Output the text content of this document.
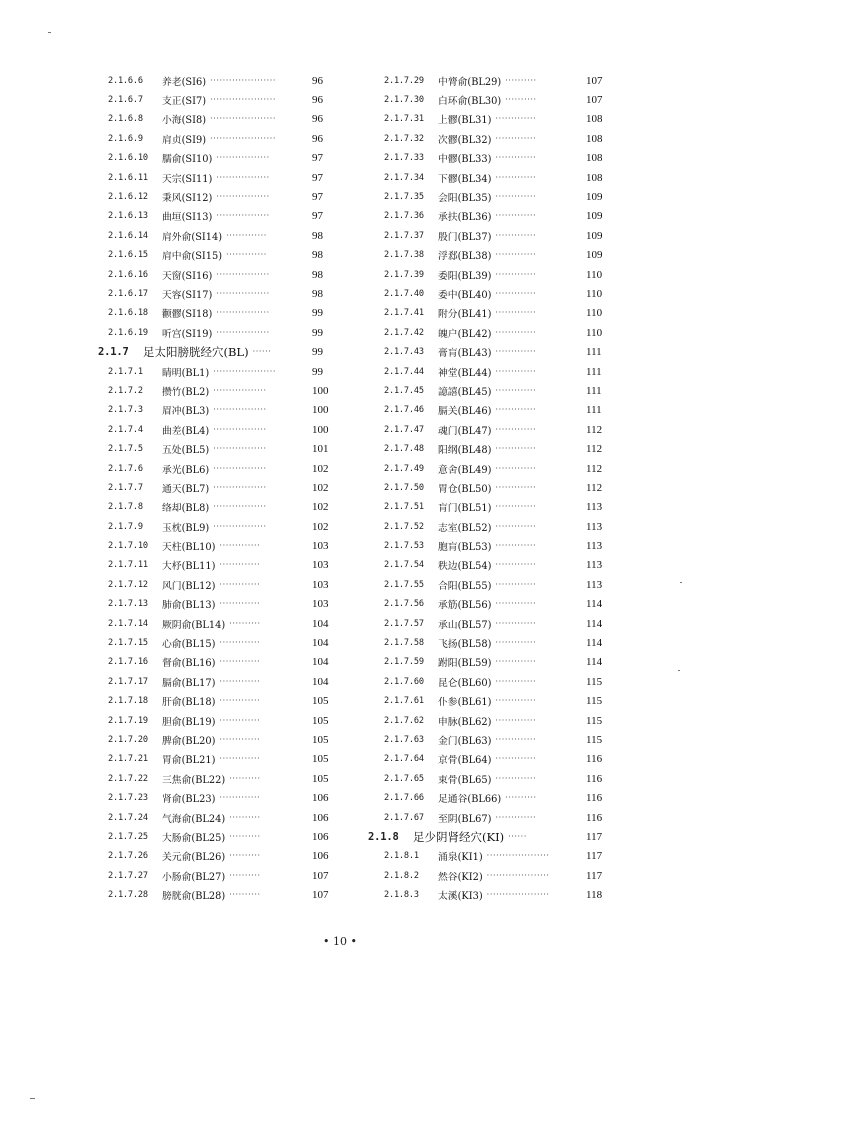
2.1.6.6	养老(SI6) ·····················	96
2.1.6.7	支正(SI7) ·····················	96
2.1.6.8	小海(SI8) ·····················	96
2.1.6.9	肩贞(SI9) ·····················	96
2.1.6.10	臑俞(SI10) ·················	97
2.1.6.11	天宗(SI11) ·················	97
2.1.6.12	秉风(SI12) ·················	97
2.1.6.13	曲垣(SI13) ·················	97
2.1.6.14	肩外俞(SI14) ·············	98
2.1.6.15	肩中俞(SI15) ·············	98
2.1.6.16	天窗(SI16) ·················	98
2.1.6.17	天容(SI17) ·················	98
2.1.6.18	颧髎(SI18) ·················	99
2.1.6.19	听宫(SI19) ·················	99
2.1.7	足太阳膀胱经穴(BL) ······	99
2.1.7.1	睛明(BL1) ····················	99
2.1.7.2	攒竹(BL2) ·················	100
2.1.7.3	眉冲(BL3) ·················	100
2.1.7.4	曲差(BL4) ·················	100
2.1.7.5	五处(BL5) ·················	101
2.1.7.6	承光(BL6) ·················	102
2.1.7.7	通天(BL7) ·················	102
2.1.7.8	络却(BL8) ·················	102
2.1.7.9	玉枕(BL9) ·················	102
2.1.7.10	天柱(BL10) ·············	103
2.1.7.11	大杼(BL11) ·············	103
2.1.7.12	风门(BL12) ·············	103
2.1.7.13	肺俞(BL13) ·············	103
2.1.7.14	厥阴俞(BL14) ··········	104
2.1.7.15	心俞(BL15) ·············	104
2.1.7.16	督俞(BL16) ·············	104
2.1.7.17	膈俞(BL17) ·············	104
2.1.7.18	肝俞(BL18) ·············	105
2.1.7.19	胆俞(BL19) ·············	105
2.1.7.20	脾俞(BL20) ·············	105
2.1.7.21	胃俞(BL21) ·············	105
2.1.7.22	三焦俞(BL22) ··········	105
2.1.7.23	肾俞(BL23) ·············	106
2.1.7.24	气海俞(BL24) ··········	106
2.1.7.25	大肠俞(BL25) ··········	106
2.1.7.26	关元俞(BL26) ··········	106
2.1.7.27	小肠俞(BL27) ··········	107
2.1.7.28	膀胱俞(BL28) ··········	107
2.1.7.29	中膂俞(BL29) ··········	107
2.1.7.30	白环俞(BL30) ··········	107
2.1.7.31	上髎(BL31) ·············	108
2.1.7.32	次髎(BL32) ·············	108
2.1.7.33	中髎(BL33) ·············	108
2.1.7.34	下髎(BL34) ·············	108
2.1.7.35	会阳(BL35) ·············	109
2.1.7.36	承扶(BL36) ·············	109
2.1.7.37	殷门(BL37) ·············	109
2.1.7.38	浮郄(BL38) ·············	109
2.1.7.39	委阳(BL39) ·············	110
2.1.7.40	委中(BL40) ·············	110
2.1.7.41	附分(BL41) ·············	110
2.1.7.42	魄户(BL42) ·············	110
2.1.7.43	膏肓(BL43) ·············	111
2.1.7.44	神堂(BL44) ·············	111
2.1.7.45	譩譆(BL45) ·············	111
2.1.7.46	膈关(BL46) ·············	111
2.1.7.47	魂门(BL47) ·············	112
2.1.7.48	阳纲(BL48) ·············	112
2.1.7.49	意舍(BL49) ·············	112
2.1.7.50	胃仓(BL50) ·············	112
2.1.7.51	肓门(BL51) ·············	113
2.1.7.52	志室(BL52) ·············	113
2.1.7.53	胞肓(BL53) ·············	113
2.1.7.54	秩边(BL54) ·············	113
2.1.7.55	合阳(BL55) ·············	113
2.1.7.56	承筋(BL56) ·············	114
2.1.7.57	承山(BL57) ·············	114
2.1.7.58	飞扬(BL58) ·············	114
2.1.7.59	跗阳(BL59) ·············	114
2.1.7.60	昆仑(BL60) ·············	115
2.1.7.61	仆参(BL61) ·············	115
2.1.7.62	申脉(BL62) ·············	115
2.1.7.63	金门(BL63) ·············	115
2.1.7.64	京骨(BL64) ·············	116
2.1.7.65	束骨(BL65) ·············	116
2.1.7.66	足通谷(BL66) ··········	116
2.1.7.67	至阴(BL67) ·············	116
2.1.8	足少阴肾经穴(KI) ······	117
2.1.8.1	涌泉(KI1) ····················	117
2.1.8.2	然谷(KI2) ····················	117
2.1.8.3	太溪(KI3) ····················	118
• 10 •
